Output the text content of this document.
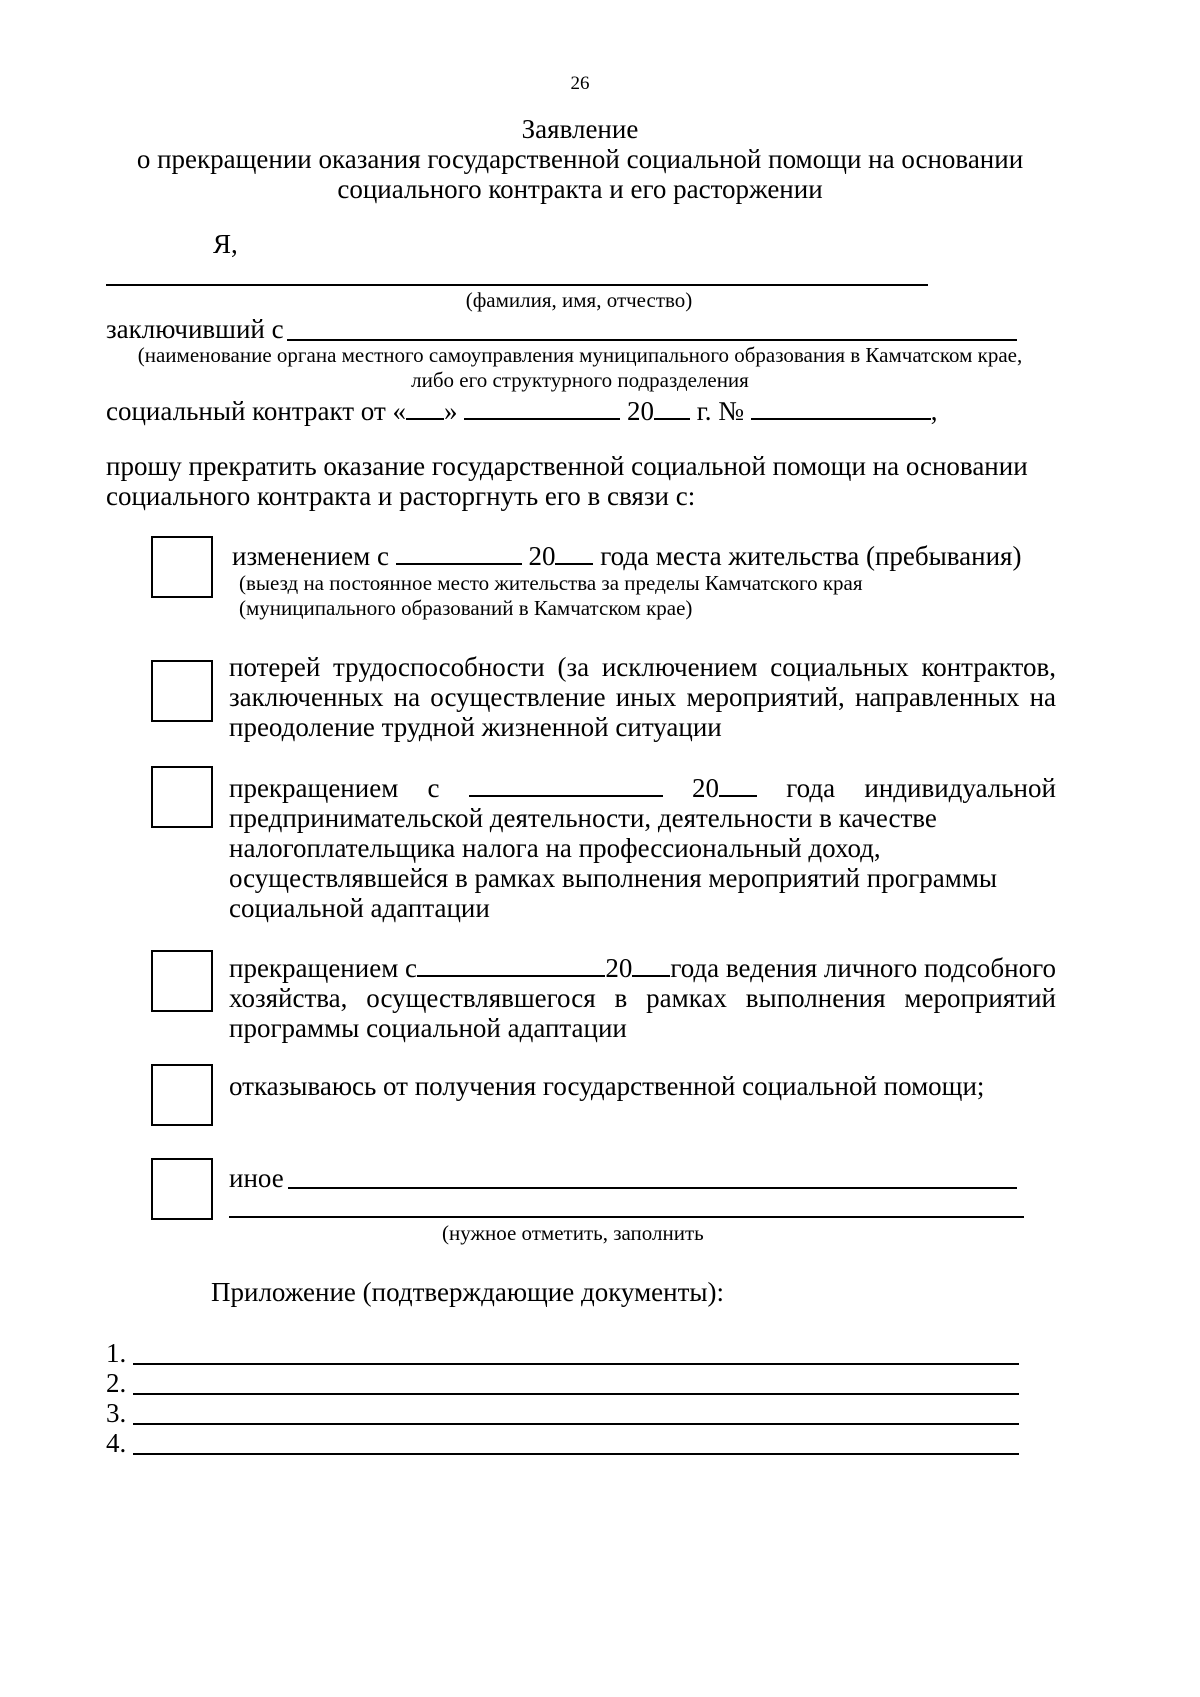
26
Заявление
о прекращении оказания государственной социальной помощи на основании
социального контракта и его расторжении
Я,
(фамилия, имя, отчество)
заключивший с
(наименование органа местного самоуправления муниципального образования в Камчатском крае,
либо его структурного подразделения
социальный контракт от « »	20 г. №	,
прошу прекратить оказание государственной социальной помощи на основании
социального контракта и расторгнуть его в связи с:
изменением с	20 года места жительства (пребывания)
(выезд на постоянное место жительства за пределы Камчатского края
(муниципального образований в Камчатском крае)
потерей трудоспособности (за исключением социальных контрактов,
заключенных на осуществление иных мероприятий, направленных на
преодоление трудной жизненной ситуации
прекращением с	20	года индивидуальной
предпринимательской деятельности, деятельности в качестве
налогоплательщика налога на профессиональный доход,
осуществлявшейся в рамках выполнения мероприятий программы
социальной адаптации
прекращением с	20	года ведения личного подсобного
хозяйства, осуществлявшегося в рамках выполнения мероприятий
программы социальной адаптации
отказываюсь от получения государственной социальной помощи;
иное
(нужное отметить, заполнить
Приложение (подтверждающие документы):
1.
2.
3.
4.
